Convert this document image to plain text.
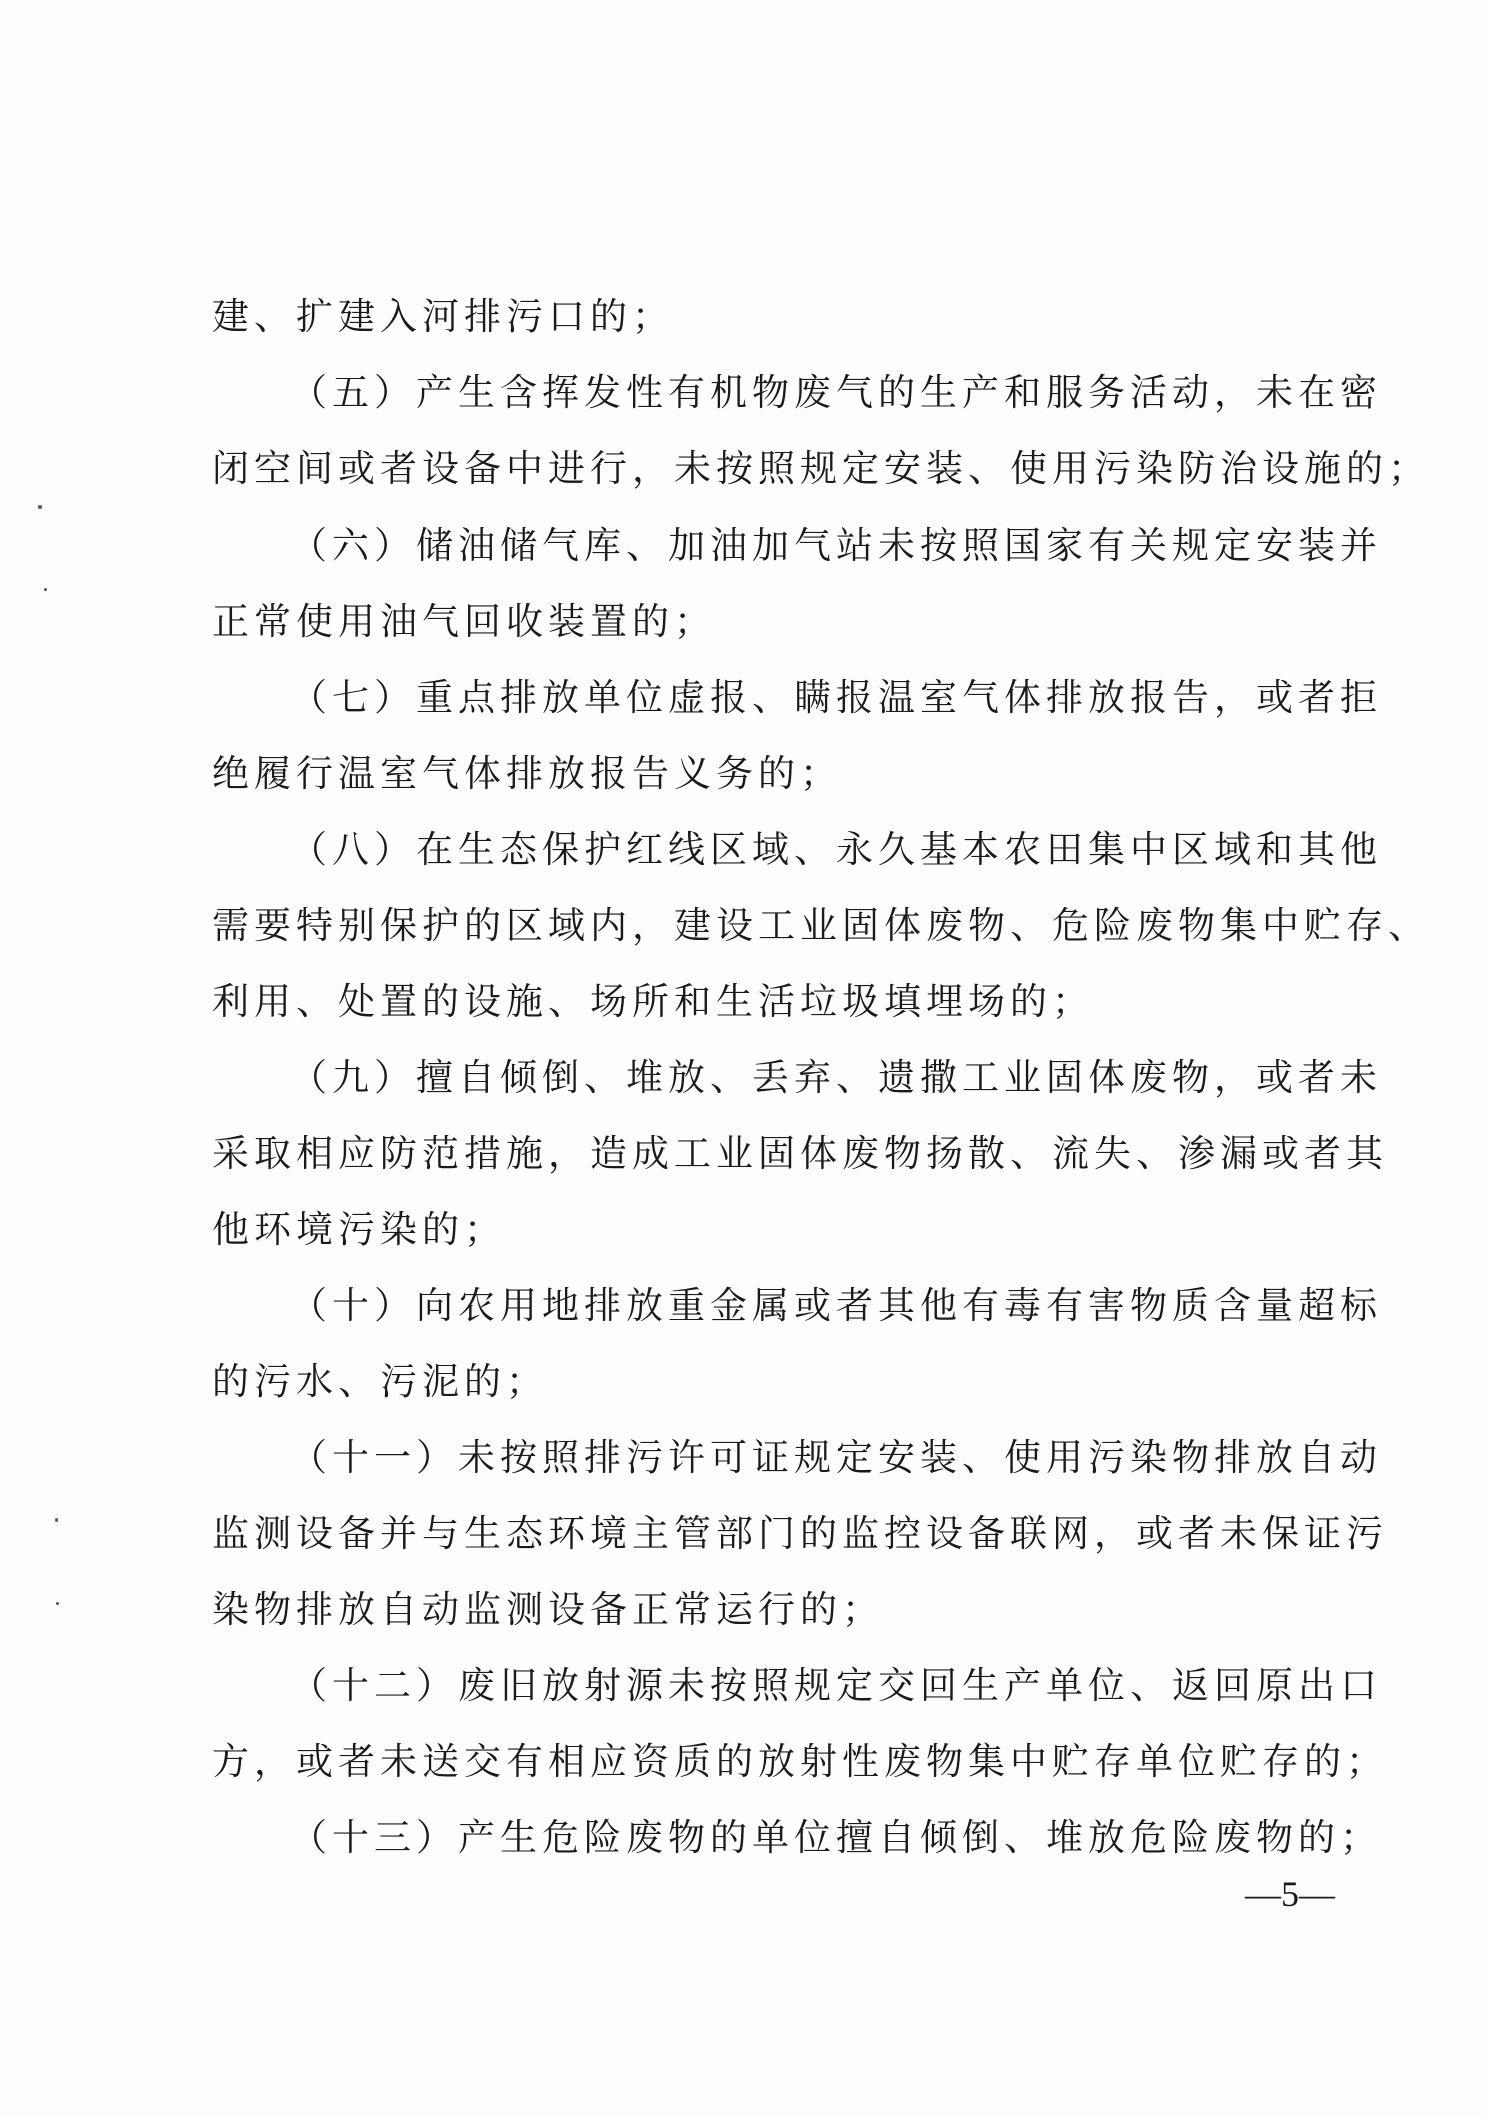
建、扩建入河排污口的；
（五）产生含挥发性有机物废气的生产和服务活动，未在密
闭空间或者设备中进行，未按照规定安装、使用污染防治设施的；
（六）储油储气库、加油加气站未按照国家有关规定安装并
正常使用油气回收装置的；
（七）重点排放单位虚报、瞒报温室气体排放报告，或者拒
绝履行温室气体排放报告义务的；
（八）在生态保护红线区域、永久基本农田集中区域和其他
需要特别保护的区域内，建设工业固体废物、危险废物集中贮存、
利用、处置的设施、场所和生活垃圾填埋场的；
（九）擅自倾倒、堆放、丢弃、遗撒工业固体废物，或者未
采取相应防范措施，造成工业固体废物扬散、流失、渗漏或者其
他环境污染的；
（十）向农用地排放重金属或者其他有毒有害物质含量超标
的污水、污泥的；
（十一）未按照排污许可证规定安装、使用污染物排放自动
监测设备并与生态环境主管部门的监控设备联网，或者未保证污
染物排放自动监测设备正常运行的；
（十二）废旧放射源未按照规定交回生产单位、返回原出口
方，或者未送交有相应资质的放射性废物集中贮存单位贮存的；
（十三）产生危险废物的单位擅自倾倒、堆放危险废物的；
—5—
